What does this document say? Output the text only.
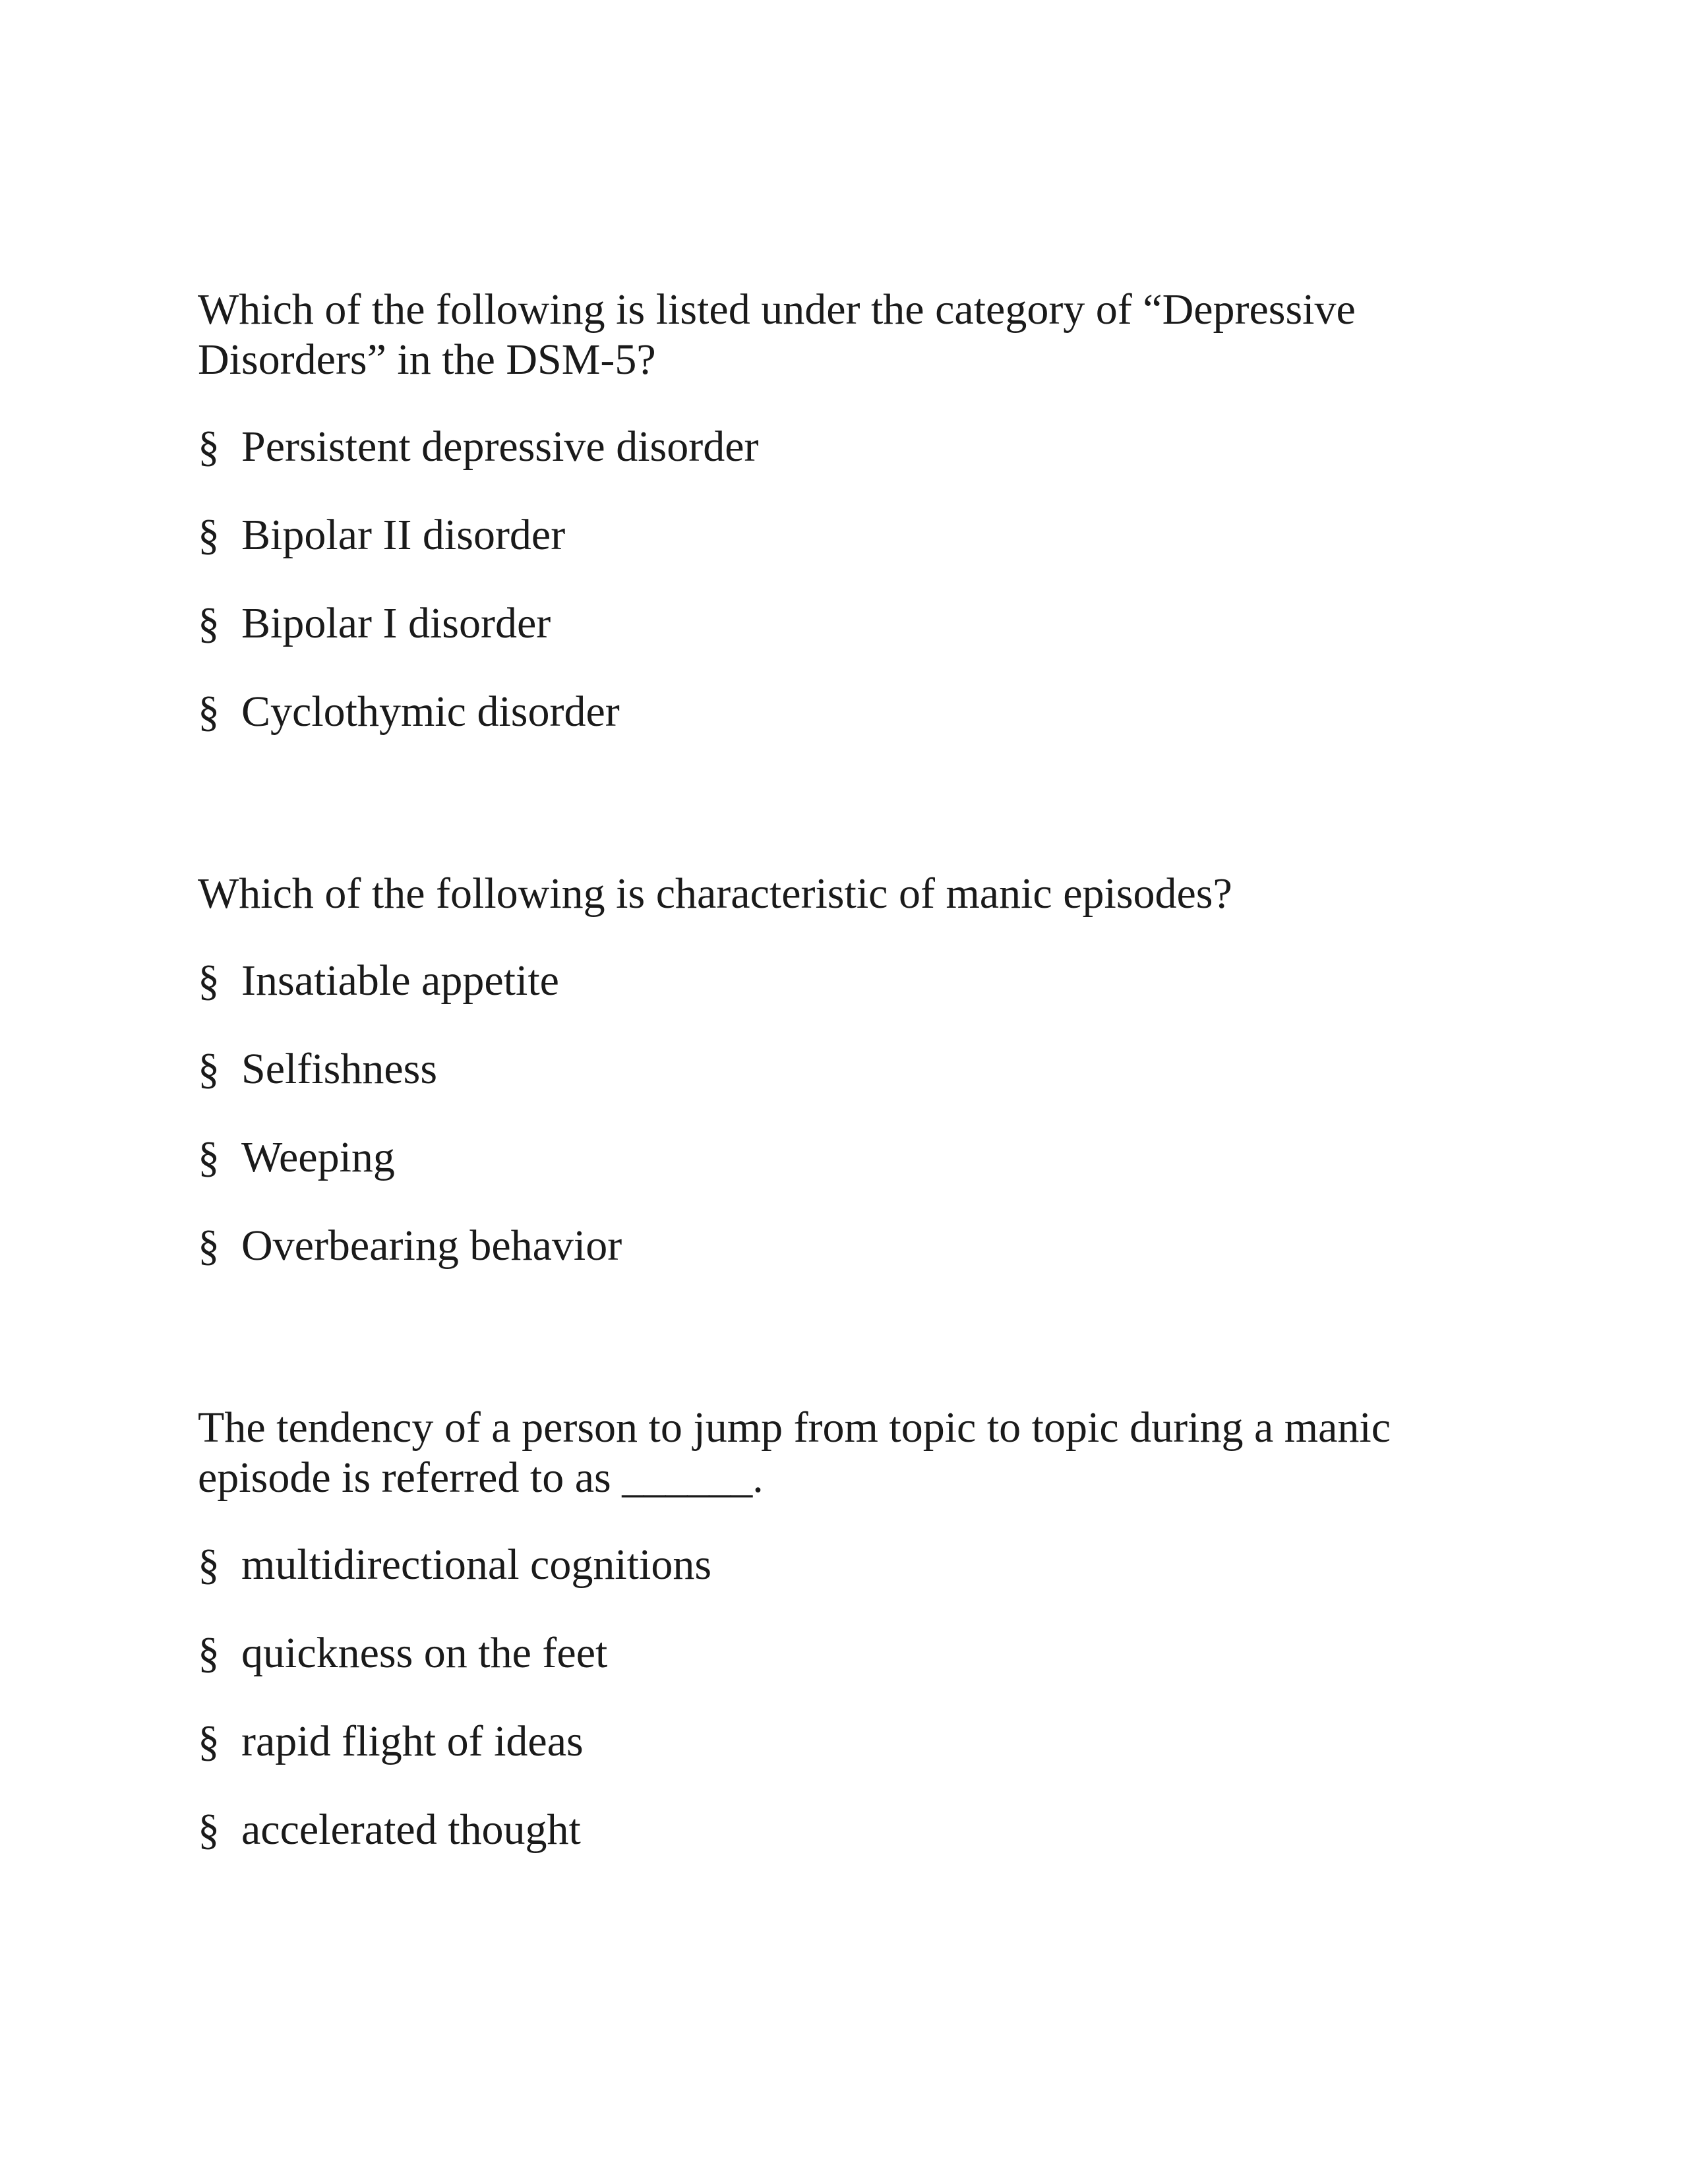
Which of the following is listed under the category of “Depressive
Disorders” in the DSM-5?

§ Persistent depressive disorder
§ Bipolar II disorder
§ Bipolar I disorder
§ Cyclothymic disorder

Which of the following is characteristic of manic episodes?

§ Insatiable appetite
§ Selfishness
§ Weeping
§ Overbearing behavior

The tendency of a person to jump from topic to topic during a manic
episode is referred to as ______.

§ multidirectional cognitions
§ quickness on the feet
§ rapid flight of ideas
§ accelerated thought
